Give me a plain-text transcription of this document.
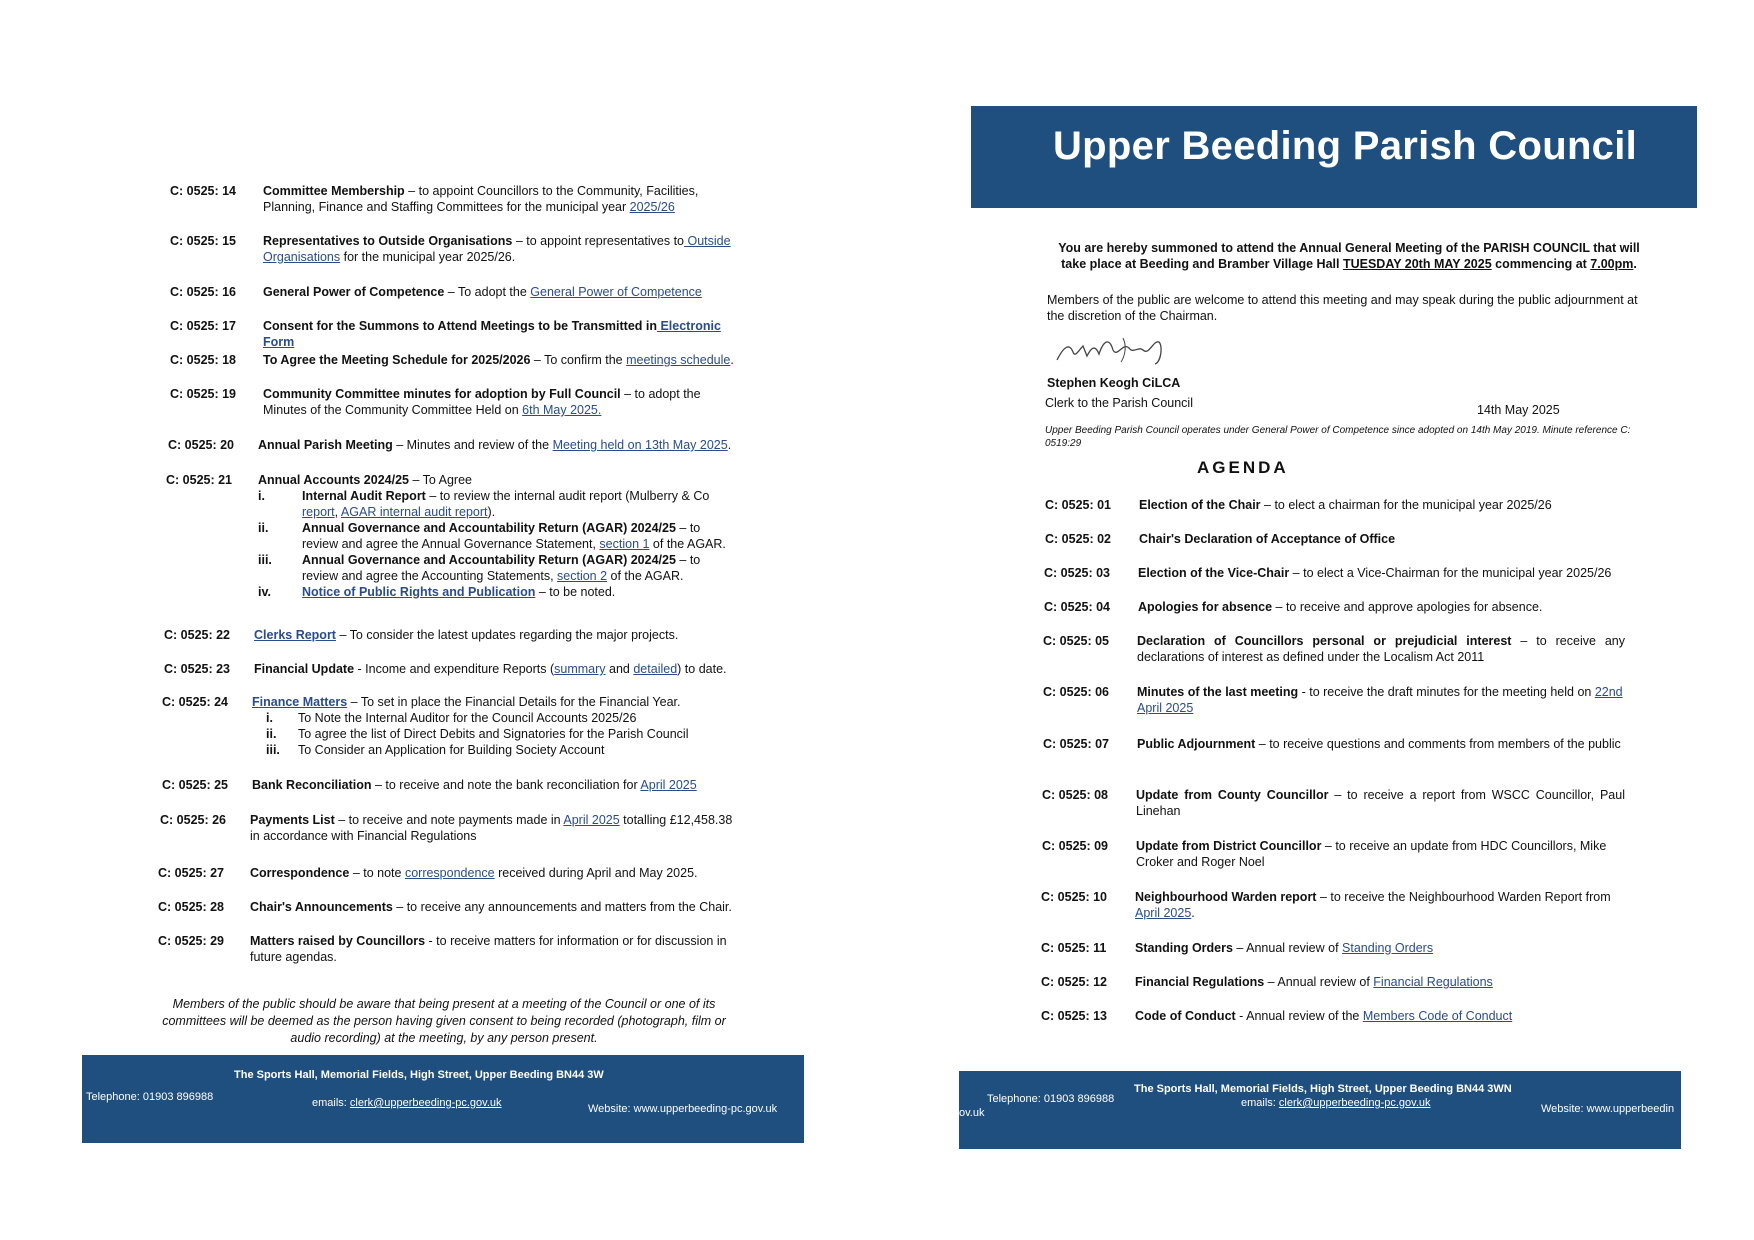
C: 0525: 14 Committee Membership – to appoint Councillors to the Community, Facilities, Planning, Finance and Staffing Committees for the municipal year 2025/26
C: 0525: 15 Representatives to Outside Organisations – to appoint representatives to Outside Organisations for the municipal year 2025/26.
C: 0525: 16 General Power of Competence – To adopt the General Power of Competence
C: 0525: 17 Consent for the Summons to Attend Meetings to be Transmitted in Electronic Form
C: 0525: 18 To Agree the Meeting Schedule for 2025/2026 – To confirm the meetings schedule.
C: 0525: 19 Community Committee minutes for adoption by Full Council – to adopt the Minutes of the Community Committee Held on 6th May 2025.
C: 0525: 20 Annual Parish Meeting – Minutes and review of the Meeting held on 13th May 2025.
C: 0525: 21 Annual Accounts 2024/25 – To Agree
i.	Internal Audit Report – to review the internal audit report (Mulberry & Co report, AGAR internal audit report).
ii.	Annual Governance and Accountability Return (AGAR) 2024/25 – to review and agree the Annual Governance Statement, section 1 of the AGAR.
iii.	Annual Governance and Accountability Return (AGAR) 2024/25 – to review and agree the Accounting Statements, section 2 of the AGAR.
iv.	Notice of Public Rights and Publication – to be noted.
C: 0525: 22 Clerks Report – To consider the latest updates regarding the major projects.
C: 0525: 23 Financial Update - Income and expenditure Reports (summary and detailed) to date.
C: 0525: 24 Finance Matters – To set in place the Financial Details for the Financial Year.
i.	To Note the Internal Auditor for the Council Accounts 2025/26
ii.	To agree the list of Direct Debits and Signatories for the Parish Council
iii.	To Consider an Application for Building Society Account
C: 0525: 25 Bank Reconciliation – to receive and note the bank reconciliation for April 2025
C: 0525: 26 Payments List – to receive and note payments made in April 2025 totalling £12,458.38 in accordance with Financial Regulations
C: 0525: 27 Correspondence – to note correspondence received during April and May 2025.
C: 0525: 28 Chair's Announcements – to receive any announcements and matters from the Chair.
C: 0525: 29 Matters raised by Councillors - to receive matters for information or for discussion in future agendas.
Members of the public should be aware that being present at a meeting of the Council or one of its committees will be deemed as the person having given consent to being recorded (photograph, film or audio recording) at the meeting, by any person present.
The Sports Hall, Memorial Fields, High Street, Upper Beeding BN44 3W
Telephone: 01903 896988	emails: clerk@upperbeeding-pc.gov.uk	Website: www.upperbeeding-pc.gov.uk
Upper Beeding Parish Council
You are hereby summoned to attend the Annual General Meeting of the PARISH COUNCIL that will
take place at Beeding and Bramber Village Hall TUESDAY 20th MAY 2025 commencing at 7.00pm.
Members of the public are welcome to attend this meeting and may speak during the public adjournment at the discretion of the Chairman.
Stephen Keogh CiLCA
Clerk to the Parish Council	14th May 2025
Upper Beeding Parish Council operates under General Power of Competence since adopted on 14th May 2019. Minute reference C: 0519:29
AGENDA
C: 0525: 01 Election of the Chair – to elect a chairman for the municipal year 2025/26
C: 0525: 02 Chair's Declaration of Acceptance of Office
C: 0525: 03 Election of the Vice-Chair – to elect a Vice-Chairman for the municipal year 2025/26
C: 0525: 04 Apologies for absence – to receive and approve apologies for absence.
C: 0525: 05 Declaration of Councillors personal or prejudicial interest – to receive any declarations of interest as defined under the Localism Act 2011
C: 0525: 06 Minutes of the last meeting - to receive the draft minutes for the meeting held on 22nd April 2025
C: 0525: 07 Public Adjournment – to receive questions and comments from members of the public
C: 0525: 08 Update from County Councillor – to receive a report from WSCC Councillor, Paul Linehan
C: 0525: 09 Update from District Councillor – to receive an update from HDC Councillors, Mike Croker and Roger Noel
C: 0525: 10 Neighbourhood Warden report – to receive the Neighbourhood Warden Report from April 2025.
C: 0525: 11 Standing Orders – Annual review of Standing Orders
C: 0525: 12 Financial Regulations – Annual review of Financial Regulations
C: 0525: 13 Code of Conduct - Annual review of the Members Code of Conduct
The Sports Hall, Memorial Fields, High Street, Upper Beeding BN44 3WN
Telephone: 01903 896988
ov.uk
emails: clerk@upperbeeding-pc.gov.uk	Website: www.upperbeedin
